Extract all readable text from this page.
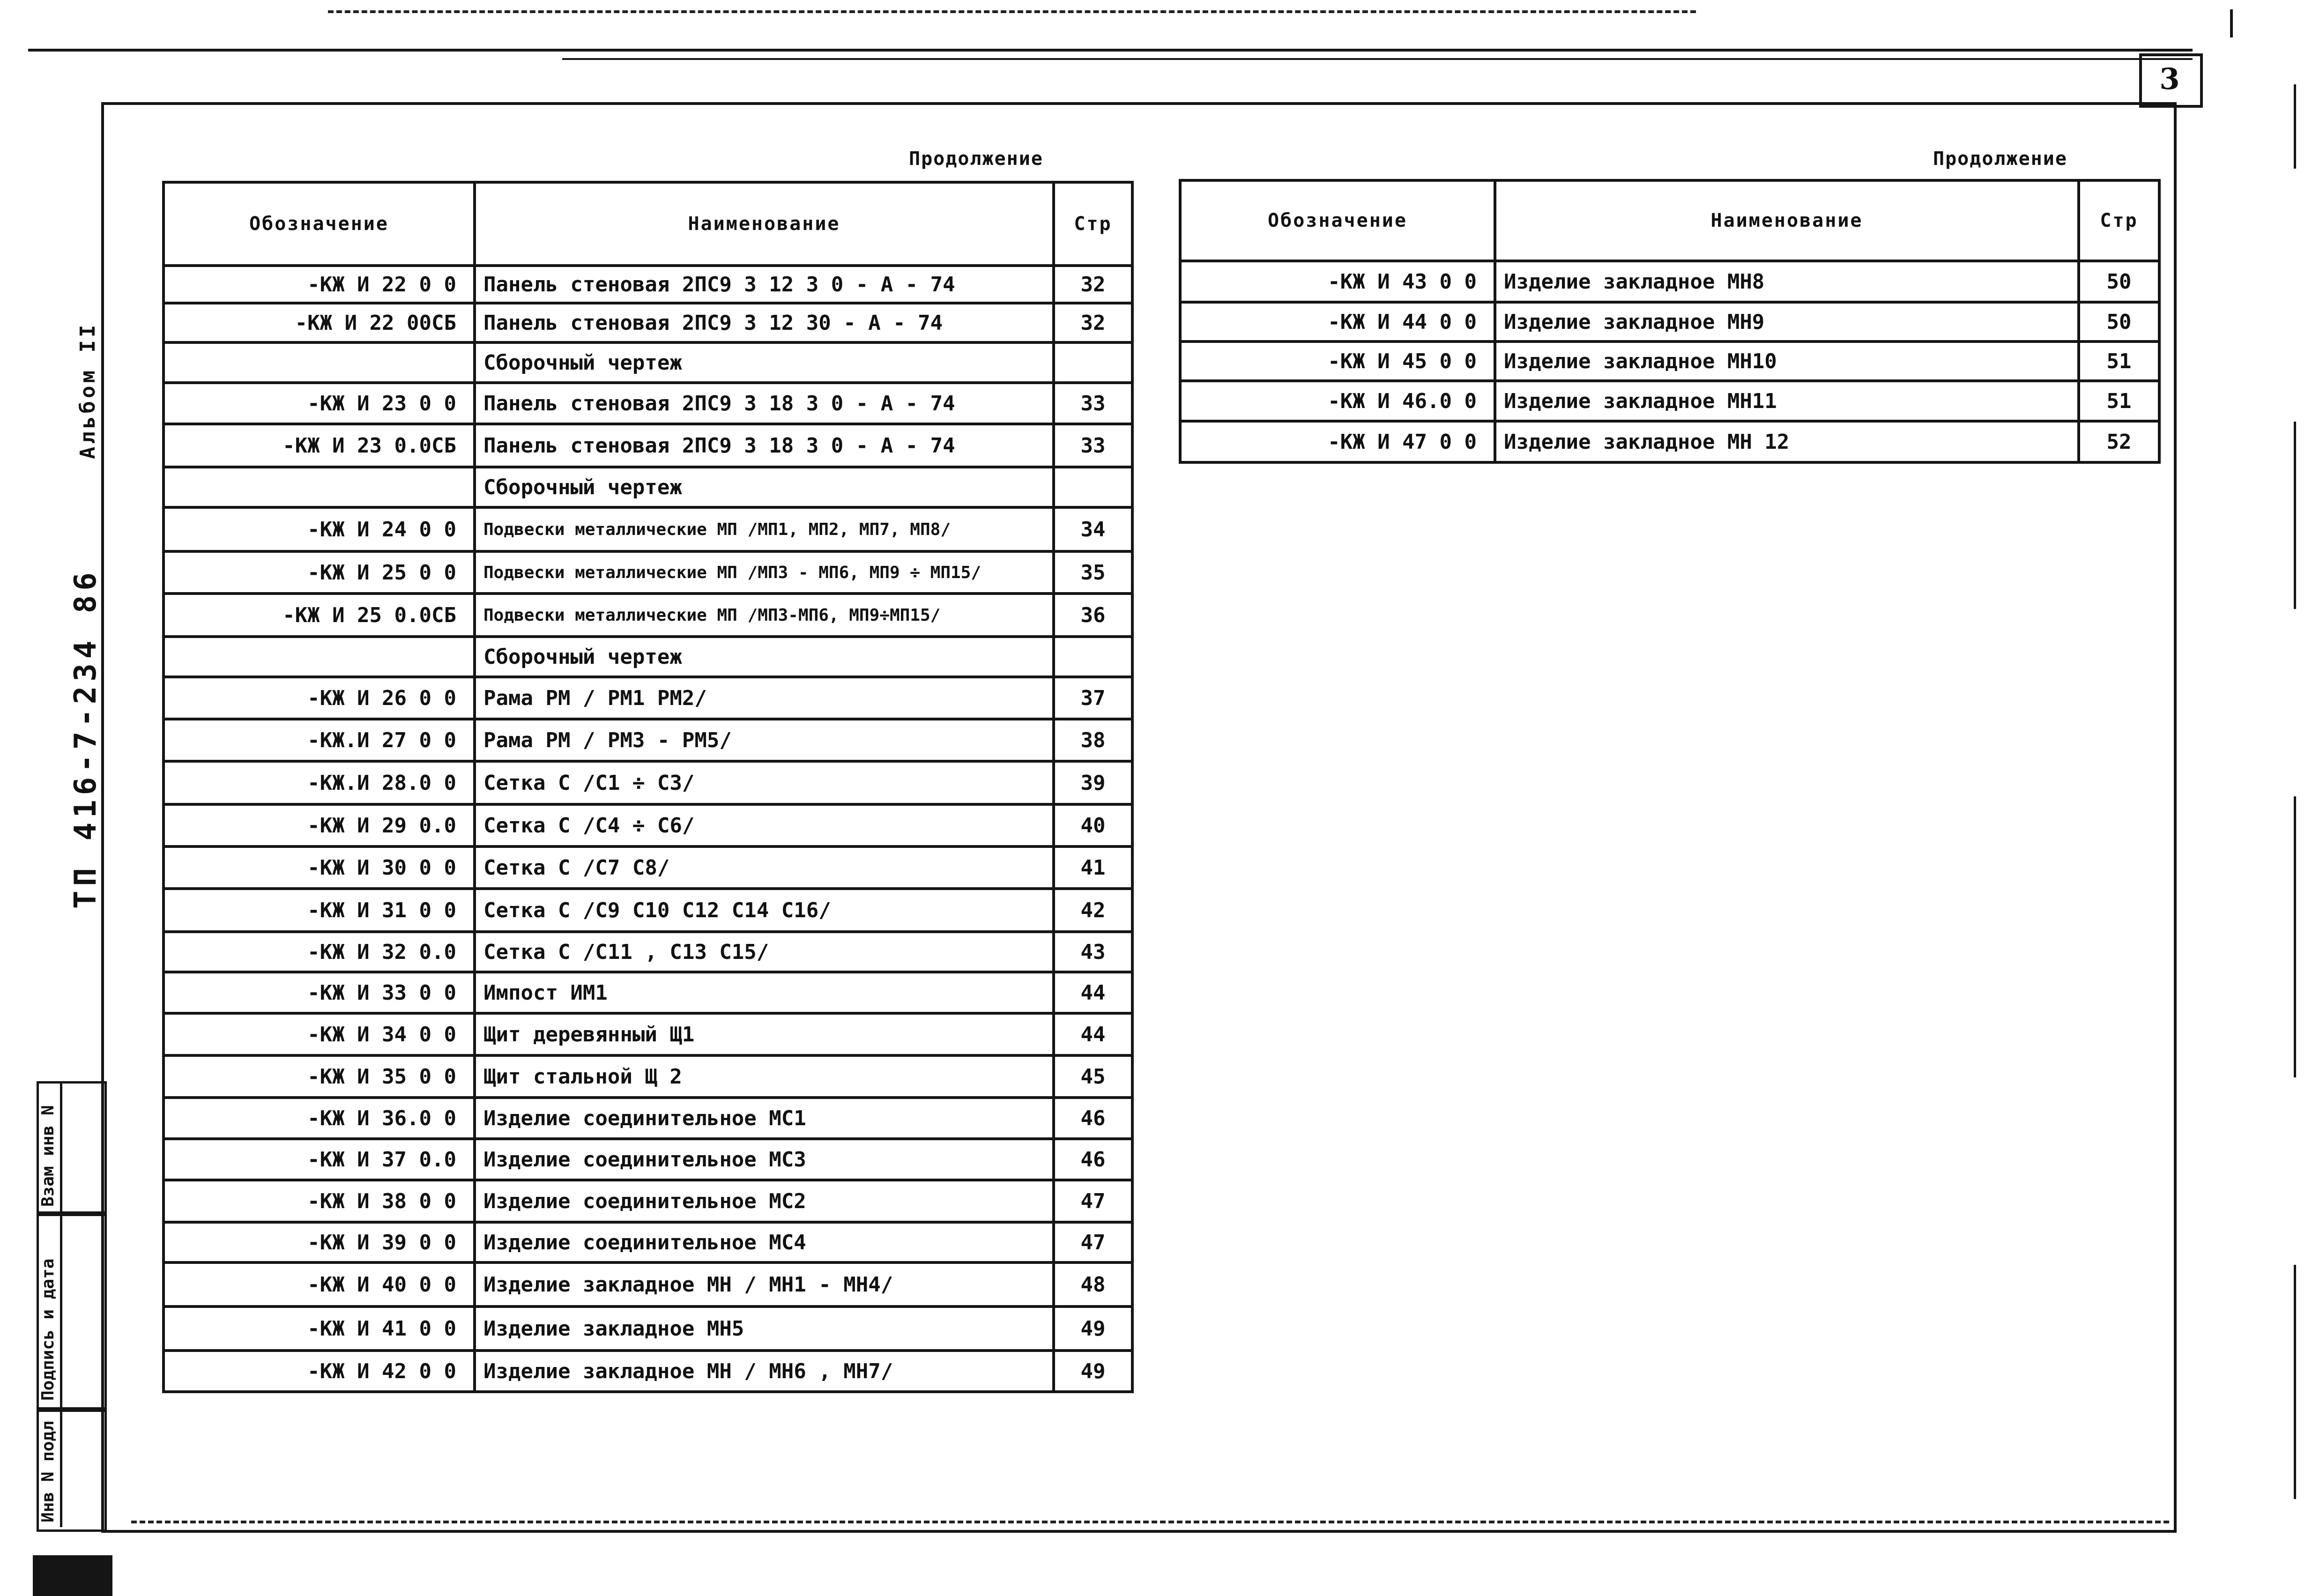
3
Альбом II
ТП 416-7-234 86
Взам инв N
Подпись и дата
Инв N подл
Продолжение
Обозначение	Наименование	Стр
-КЖ И 22 0 0	Панель стеновая 2ПС9 3 12 3 0 - А - 74	32
-КЖ И 22 00СБ	Панель стеновая 2ПС9 3 12 30 - А - 74	32
	Сборочный чертеж	
-КЖ И 23 0 0	Панель стеновая 2ПС9 3 18 3 0 - А - 74	33
-КЖ И 23 0.0СБ	Панель стеновая 2ПС9 3 18 3 0 - А - 74	33
	Сборочный чертеж	
-КЖ И 24 0 0	Подвески металлические МП /МП1, МП2, МП7, МП8/	34
-КЖ И 25 0 0	Подвески металлические МП /МП3 - МП6, МП9 ÷ МП15/	35
-КЖ И 25 0.0СБ	Подвески металлические МП /МП3-МП6, МП9÷МП15/	36
	Сборочный чертеж	
-КЖ И 26 0 0	Рама РМ / РМ1 РМ2/	37
-КЖ.И 27 0 0	Рама РМ / РМ3 - РМ5/	38
-КЖ.И 28.0 0	Сетка С /С1 ÷ С3/	39
-КЖ И 29 0.0	Сетка С /С4 ÷ С6/	40
-КЖ И 30 0 0	Сетка С /С7 С8/	41
-КЖ И 31 0 0	Сетка С /С9 С10 С12 С14 С16/	42
-КЖ И 32 0.0	Сетка С /С11 , С13 С15/	43
-КЖ И 33 0 0	Импост ИМ1	44
-КЖ И 34 0 0	Щит деревянный Щ1	44
-КЖ И 35 0 0	Щит стальной Щ 2	45
-КЖ И 36.0 0	Изделие соединительное МС1	46
-КЖ И 37 0.0	Изделие соединительное МС3	46
-КЖ И 38 0 0	Изделие соединительное МС2	47
-КЖ И 39 0 0	Изделие соединительное МС4	47
-КЖ И 40 0 0	Изделие закладное МН / МН1 - МН4/	48
-КЖ И 41 0 0	Изделие закладное МН5	49
-КЖ И 42 0 0	Изделие закладное МН / МН6 , МН7/	49
Продолжение
Обозначение	Наименование	Стр
-КЖ И 43 0 0	Изделие закладное МН8	50
-КЖ И 44 0 0	Изделие закладное МН9	50
-КЖ И 45 0 0	Изделие закладное МН10	51
-КЖ И 46.0 0	Изделие закладное МН11	51
-КЖ И 47 0 0	Изделие закладное МН 12	52
